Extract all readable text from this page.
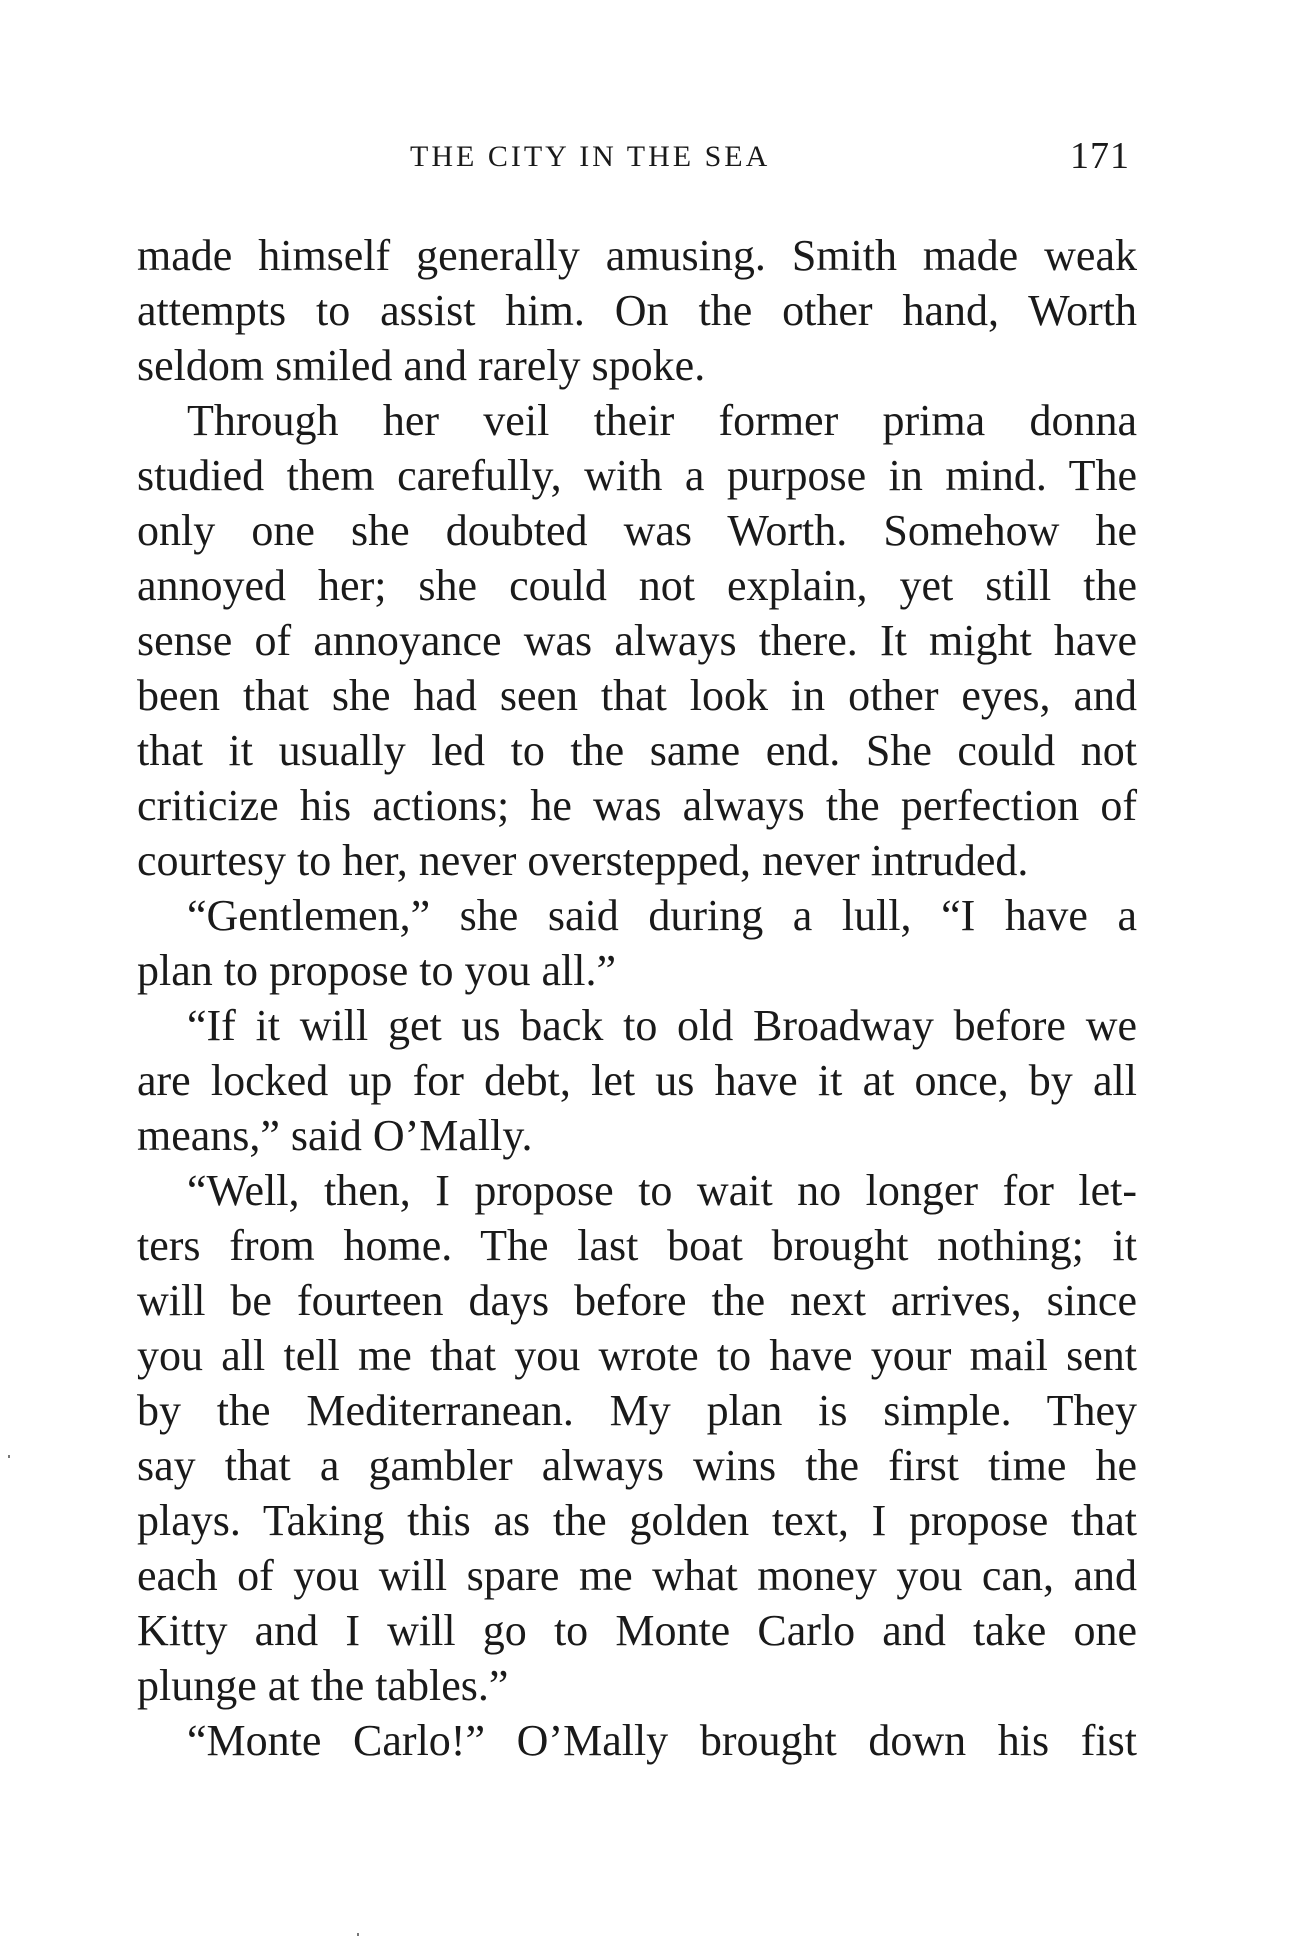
THE CITY IN THE SEA	171
made himself generally amusing. Smith made weak
attempts to assist him. On the other hand, Worth
seldom smiled and rarely spoke.
Through her veil their former prima donna
studied them carefully, with a purpose in mind. The
only one she doubted was Worth. Somehow he
annoyed her; she could not explain, yet still the
sense of annoyance was always there. It might have
been that she had seen that look in other eyes, and
that it usually led to the same end. She could not
criticize his actions; he was always the perfection of
courtesy to her, never overstepped, never intruded.
“Gentlemen,” she said during a lull, “I have a
plan to propose to you all.”
“If it will get us back to old Broadway before we
are locked up for debt, let us have it at once, by all
means,” said O’Mally.
“Well, then, I propose to wait no longer for let-
ters from home. The last boat brought nothing; it
will be fourteen days before the next arrives, since
you all tell me that you wrote to have your mail sent
by the Mediterranean. My plan is simple. They
say that a gambler always wins the first time he
plays. Taking this as the golden text, I propose that
each of you will spare me what money you can, and
Kitty and I will go to Monte Carlo and take one
plunge at the tables.”
“Monte Carlo!” O’Mally brought down his fist
